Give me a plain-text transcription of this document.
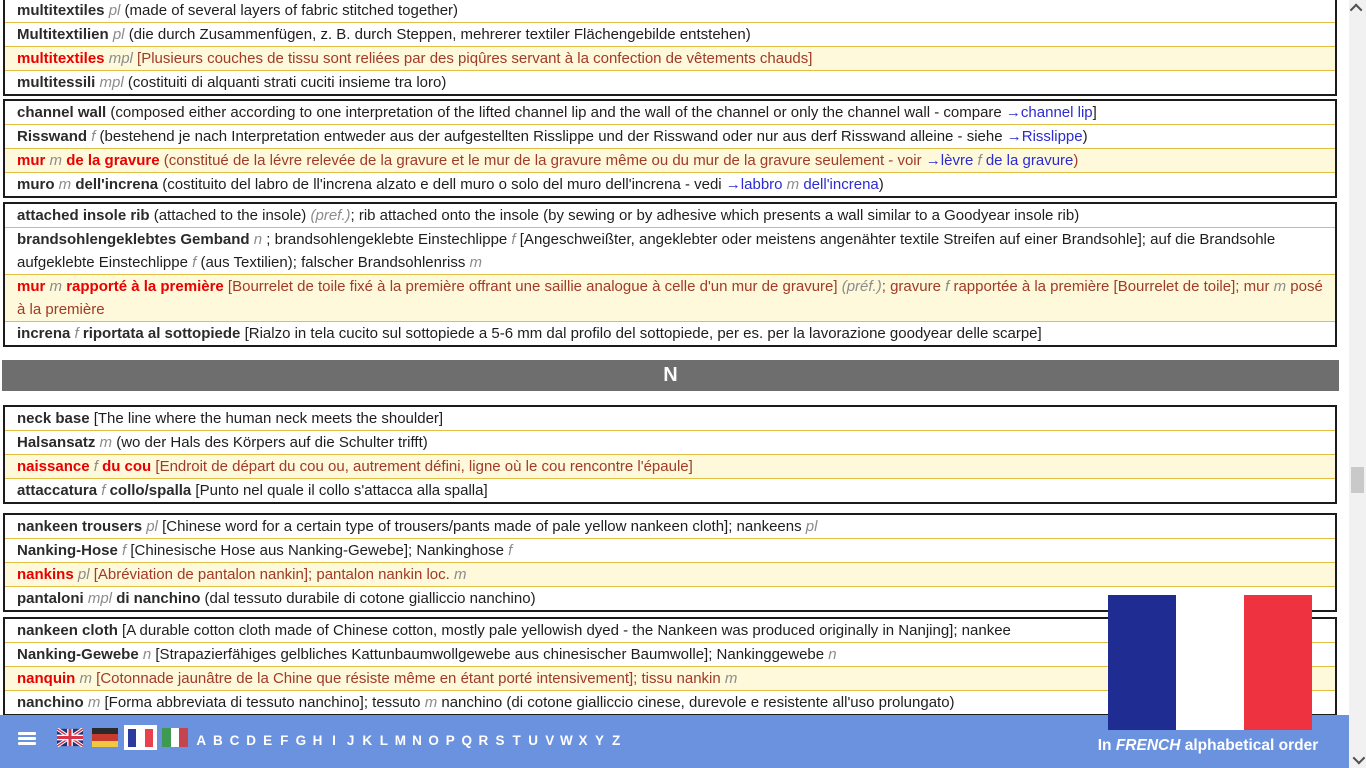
multitextiles pl (made of several layers of fabric stitched together)
Multitextilien pl (die durch Zusammenfügen, z. B. durch Steppen, mehrerer textiler Flächengebilde entstehen)
multitextiles mpl [Plusieurs couches de tissu sont reliées par des piqûres servant à la confection de vêtements chauds]
multitessili mpl (costituiti di alquanti strati cuciti insieme tra loro)
channel wall (composed either according to one interpretation of the lifted channel lip and the wall of the channel or only the channel wall - compare →channel lip]
Risswand f (bestehend je nach Interpretation entweder aus der aufgestellten Risslippe und der Risswand oder nur aus derf Risswand alleine - siehe →Risslippe)
mur m de la gravure (constitué de la lévre relevée de la gravure et le mur de la gravure même ou du mur de la gravure seulement - voir →lèvre f de la gravure)
muro m dell'increna (costituito del labro de ll'increna alzato e dell muro o solo del muro dell'increna - vedi →labbro m dell'increna)
attached insole rib (attached to the insole) (pref.); rib attached onto the insole (by sewing or by adhesive which presents a wall similar to a Goodyear insole rib)
brandsohlengeklebtes Gemband n ; brandsohlengeklebte Einstechlippe f [Angeschweißter, angeklebter oder meistens angenähter textile Streifen auf einer Brandsohle]; auf die Brandsohle aufgeklebte Einstechlippe f (aus Textilien); falscher Brandsohlenriss m
mur m rapporté à la première [Bourrelet de toile fixé à la première offrant une saillie analogue à celle d'un mur de gravure] (préf.); gravure f rapportée à la première [Bourrelet de toile]; mur m posé à la première
increna f riportata al sottopiede [Rialzo in tela cucito sul sottopiede a 5-6 mm dal profilo del sottopiede, per es. per la lavorazione goodyear delle scarpe]
N
neck base [The line where the human neck meets the shoulder]
Halsansatz m (wo der Hals des Körpers auf die Schulter trifft)
naissance f du cou [Endroit de départ du cou ou, autrement défini, ligne où le cou rencontre l'épaule]
attaccatura f collo/spalla [Punto nel quale il collo s'attacca alla spalla]
nankeen trousers pl [Chinese word for a certain type of trousers/pants made of pale yellow nankeen cloth]; nankeens pl
Nanking-Hose f [Chinesische Hose aus Nanking-Gewebe]; Nankinghose f
nankins pl [Abréviation de pantalon nankin]; pantalon nankin loc. m
pantaloni mpl di nanchino (dal tessuto durabile di cotone gialliccio nanchino)
nankeen cloth [A durable cotton cloth made of Chinese cotton, mostly pale yellowish dyed - the Nankeen was produced originally in Nanjing]; nankee
Nanking-Gewebe n [Strapazierfähiges gelbliches Kattunbaumwollgewebe aus chinesischer Baumwolle]; Nankinggewebe n
nanquin m [Cotonnade jaunâtre de la Chine que résiste même en étant porté intensivement]; tissu nankin m
nanchino m [Forma abbreviata di tessuto nanchino]; tessuto m nanchino (di cotone gialliccio cinese, durevole e resistente all'uso prolungato)
A B C D E F G H I J K L M N O P Q R S T U V W X Y Z	In FRENCH alphabetical order
